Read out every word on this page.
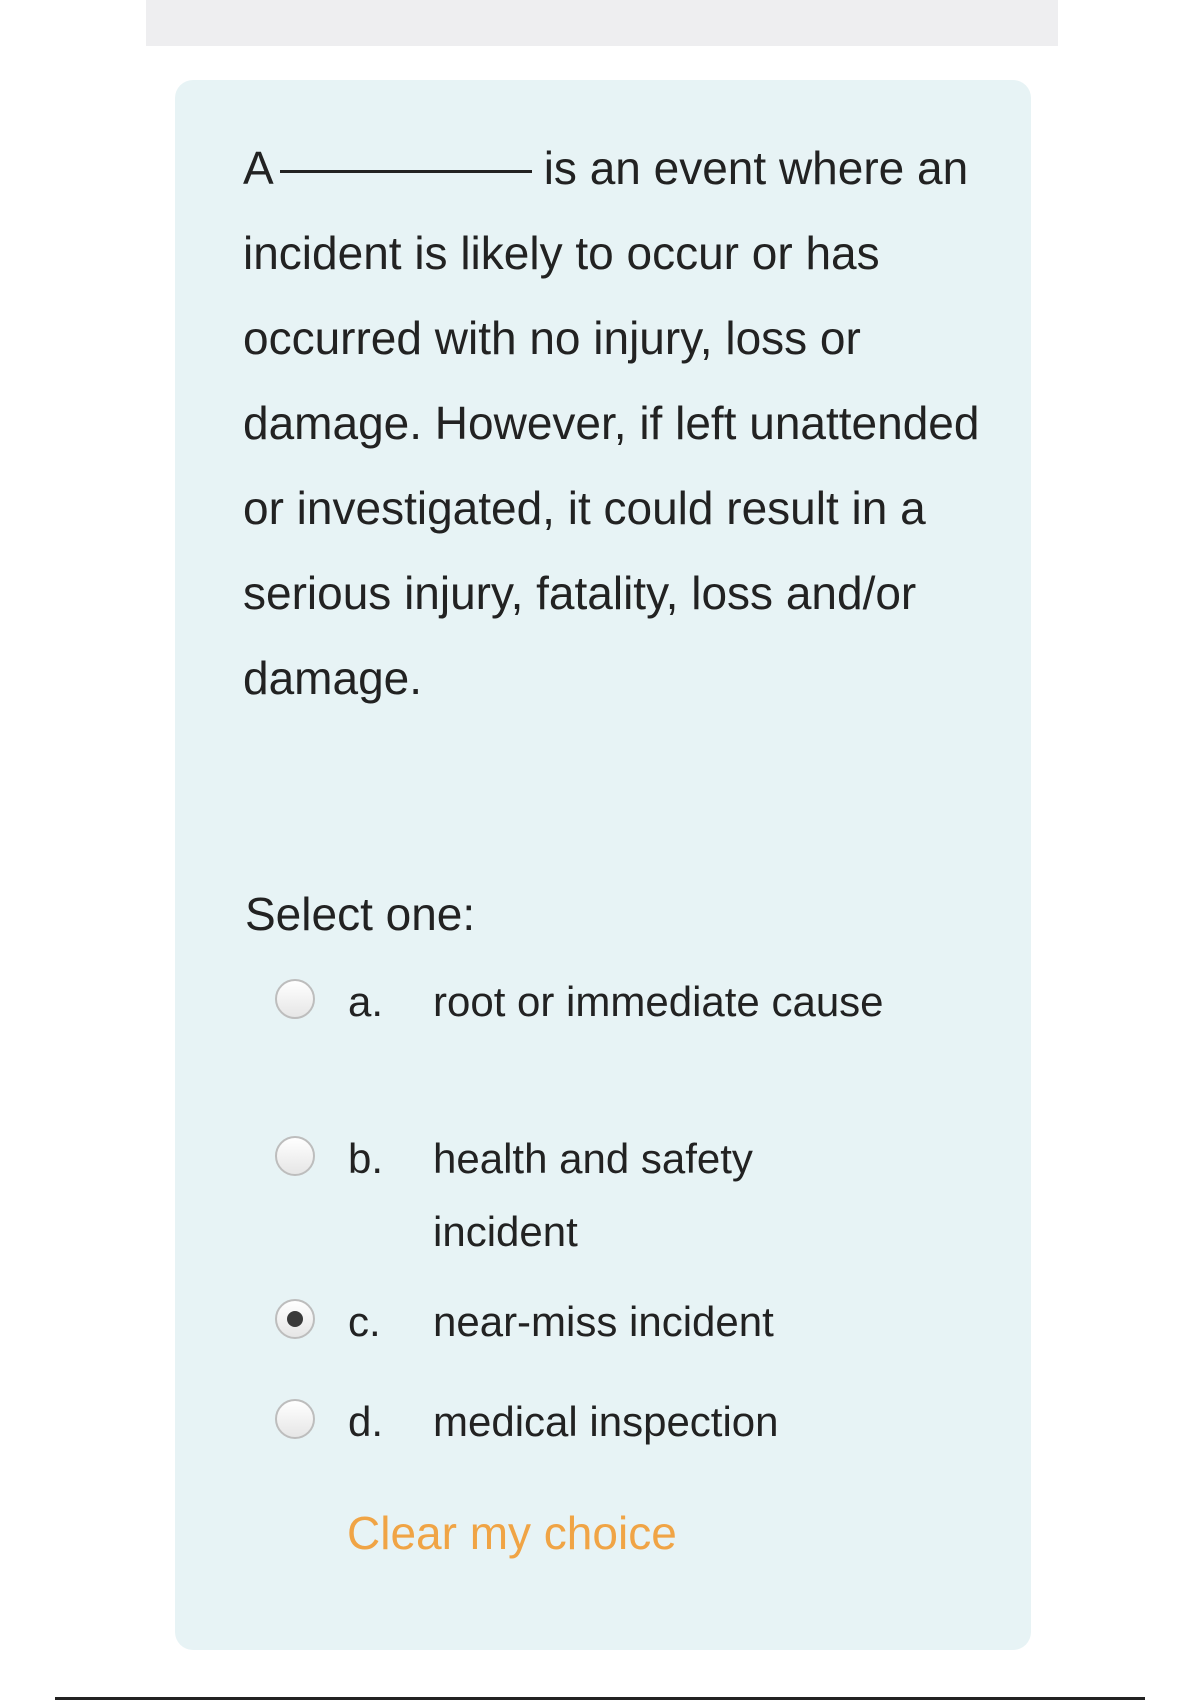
A	is an event where an incident is likely to occur or has occurred with no injury, loss or damage. However, if left unattended or investigated, it could result in a serious injury, fatality, loss and/or damage.
Select one:
a. root or immediate cause
b. health and safety incident
c. near-miss incident
d. medical inspection
Clear my choice
